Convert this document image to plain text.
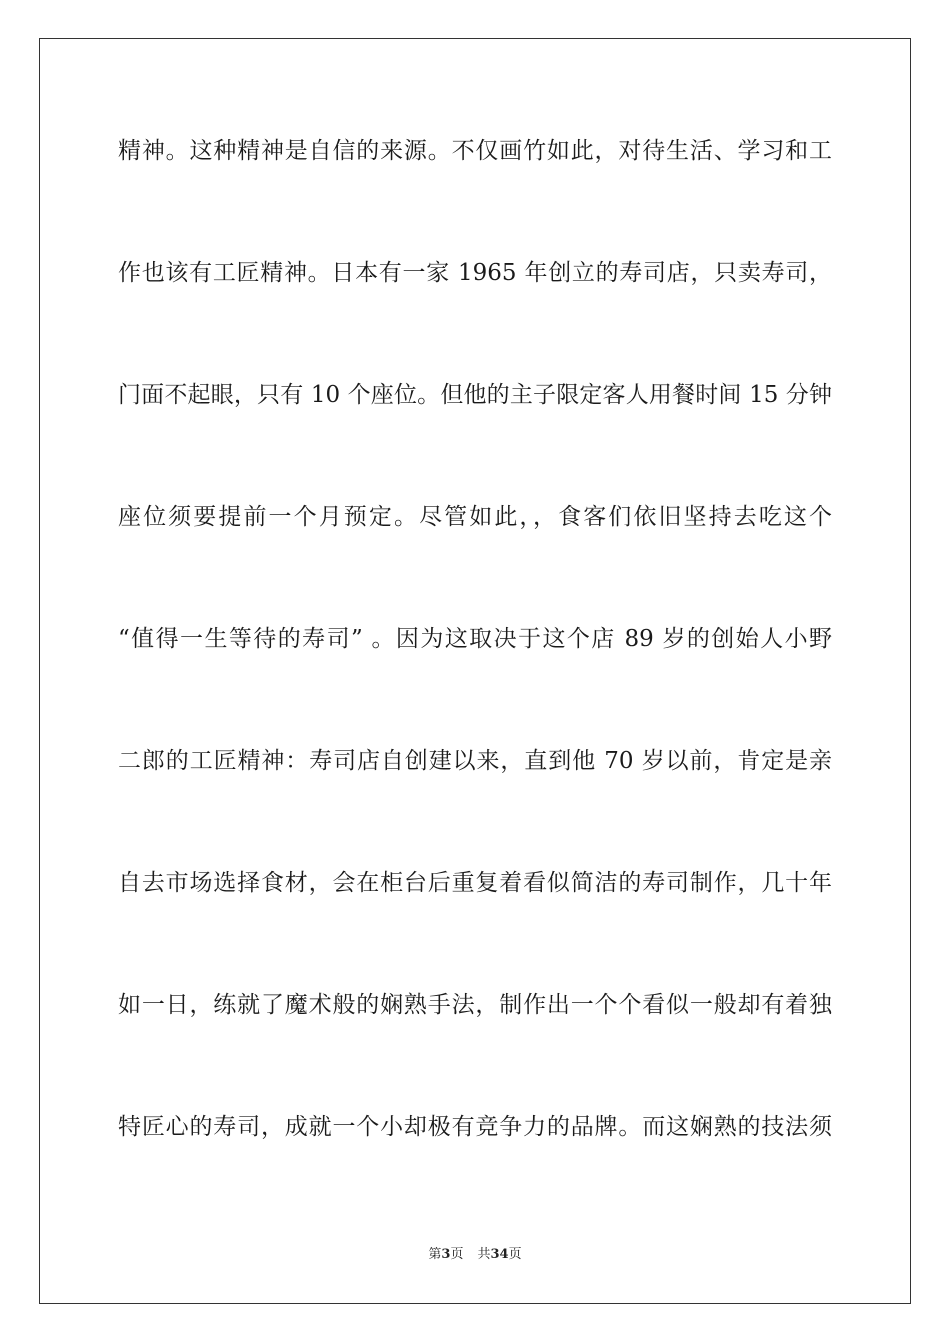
精神。这种精神是自信的来源。不仅画竹如此，对待生活、学习和工
作也该有工匠精神。日本有一家 1965 年创立的寿司店，只卖寿司，
门面不起眼，只有 10 个座位。但他的主子限定客人用餐时间 15 分钟
座位须要提前一个月预定。尽管如此，，食客们依旧坚持去吃这个
“值得一生等待的寿司” 。因为这取决于这个店 89 岁的创始人小野
二郎的工匠精神：寿司店自创建以来，直到他 70 岁以前，肯定是亲
自去市场选择食材，会在柜台后重复着看似简洁的寿司制作，几十年
如一日，练就了魔术般的娴熟手法，制作出一个个看似一般却有着独
特匠心的寿司，成就一个小却极有竞争力的品牌。而这娴熟的技法须
第3页 共34页
